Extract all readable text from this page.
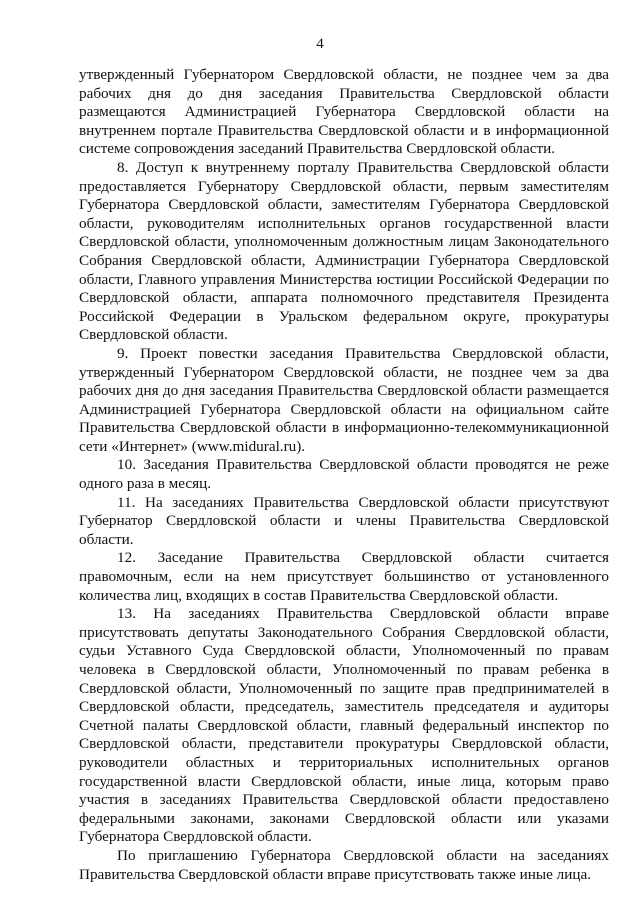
4

утвержденный Губернатором Свердловской области, не позднее чем за два рабочих дня до дня заседания Правительства Свердловской области размещаются Администрацией Губернатора Свердловской области на внутреннем портале Правительства Свердловской области и в информационной системе сопровождения заседаний Правительства Свердловской области.

8. Доступ к внутреннему порталу Правительства Свердловской области предоставляется Губернатору Свердловской области, первым заместителям Губернатора Свердловской области, заместителям Губернатора Свердловской области, руководителям исполнительных органов государственной власти Свердловской области, уполномоченным должностным лицам Законодательного Собрания Свердловской области, Администрации Губернатора Свердловской области, Главного управления Министерства юстиции Российской Федерации по Свердловской области, аппарата полномочного представителя Президента Российской Федерации в Уральском федеральном округе, прокуратуры Свердловской области.

9. Проект повестки заседания Правительства Свердловской области, утвержденный Губернатором Свердловской области, не позднее чем за два рабочих дня до дня заседания Правительства Свердловской области размещается Администрацией Губернатора Свердловской области на официальном сайте Правительства Свердловской области в информационно-телекоммуникационной сети «Интернет» (www.midural.ru).

10. Заседания Правительства Свердловской области проводятся не реже одного раза в месяц.

11. На заседаниях Правительства Свердловской области присутствуют Губернатор Свердловской области и члены Правительства Свердловской области.

12. Заседание Правительства Свердловской области считается правомочным, если на нем присутствует большинство от установленного количества лиц, входящих в состав Правительства Свердловской области.

13. На заседаниях Правительства Свердловской области вправе присутствовать депутаты Законодательного Собрания Свердловской области, судьи Уставного Суда Свердловской области, Уполномоченный по правам человека в Свердловской области, Уполномоченный по правам ребенка в Свердловской области, Уполномоченный по защите прав предпринимателей в Свердловской области, председатель, заместитель председателя и аудиторы Счетной палаты Свердловской области, главный федеральный инспектор по Свердловской области, представители прокуратуры Свердловской области, руководители областных и территориальных исполнительных органов государственной власти Свердловской области, иные лица, которым право участия в заседаниях Правительства Свердловской области предоставлено федеральными законами, законами Свердловской области или указами Губернатора Свердловской области.

По приглашению Губернатора Свердловской области на заседаниях Правительства Свердловской области вправе присутствовать также иные лица.
